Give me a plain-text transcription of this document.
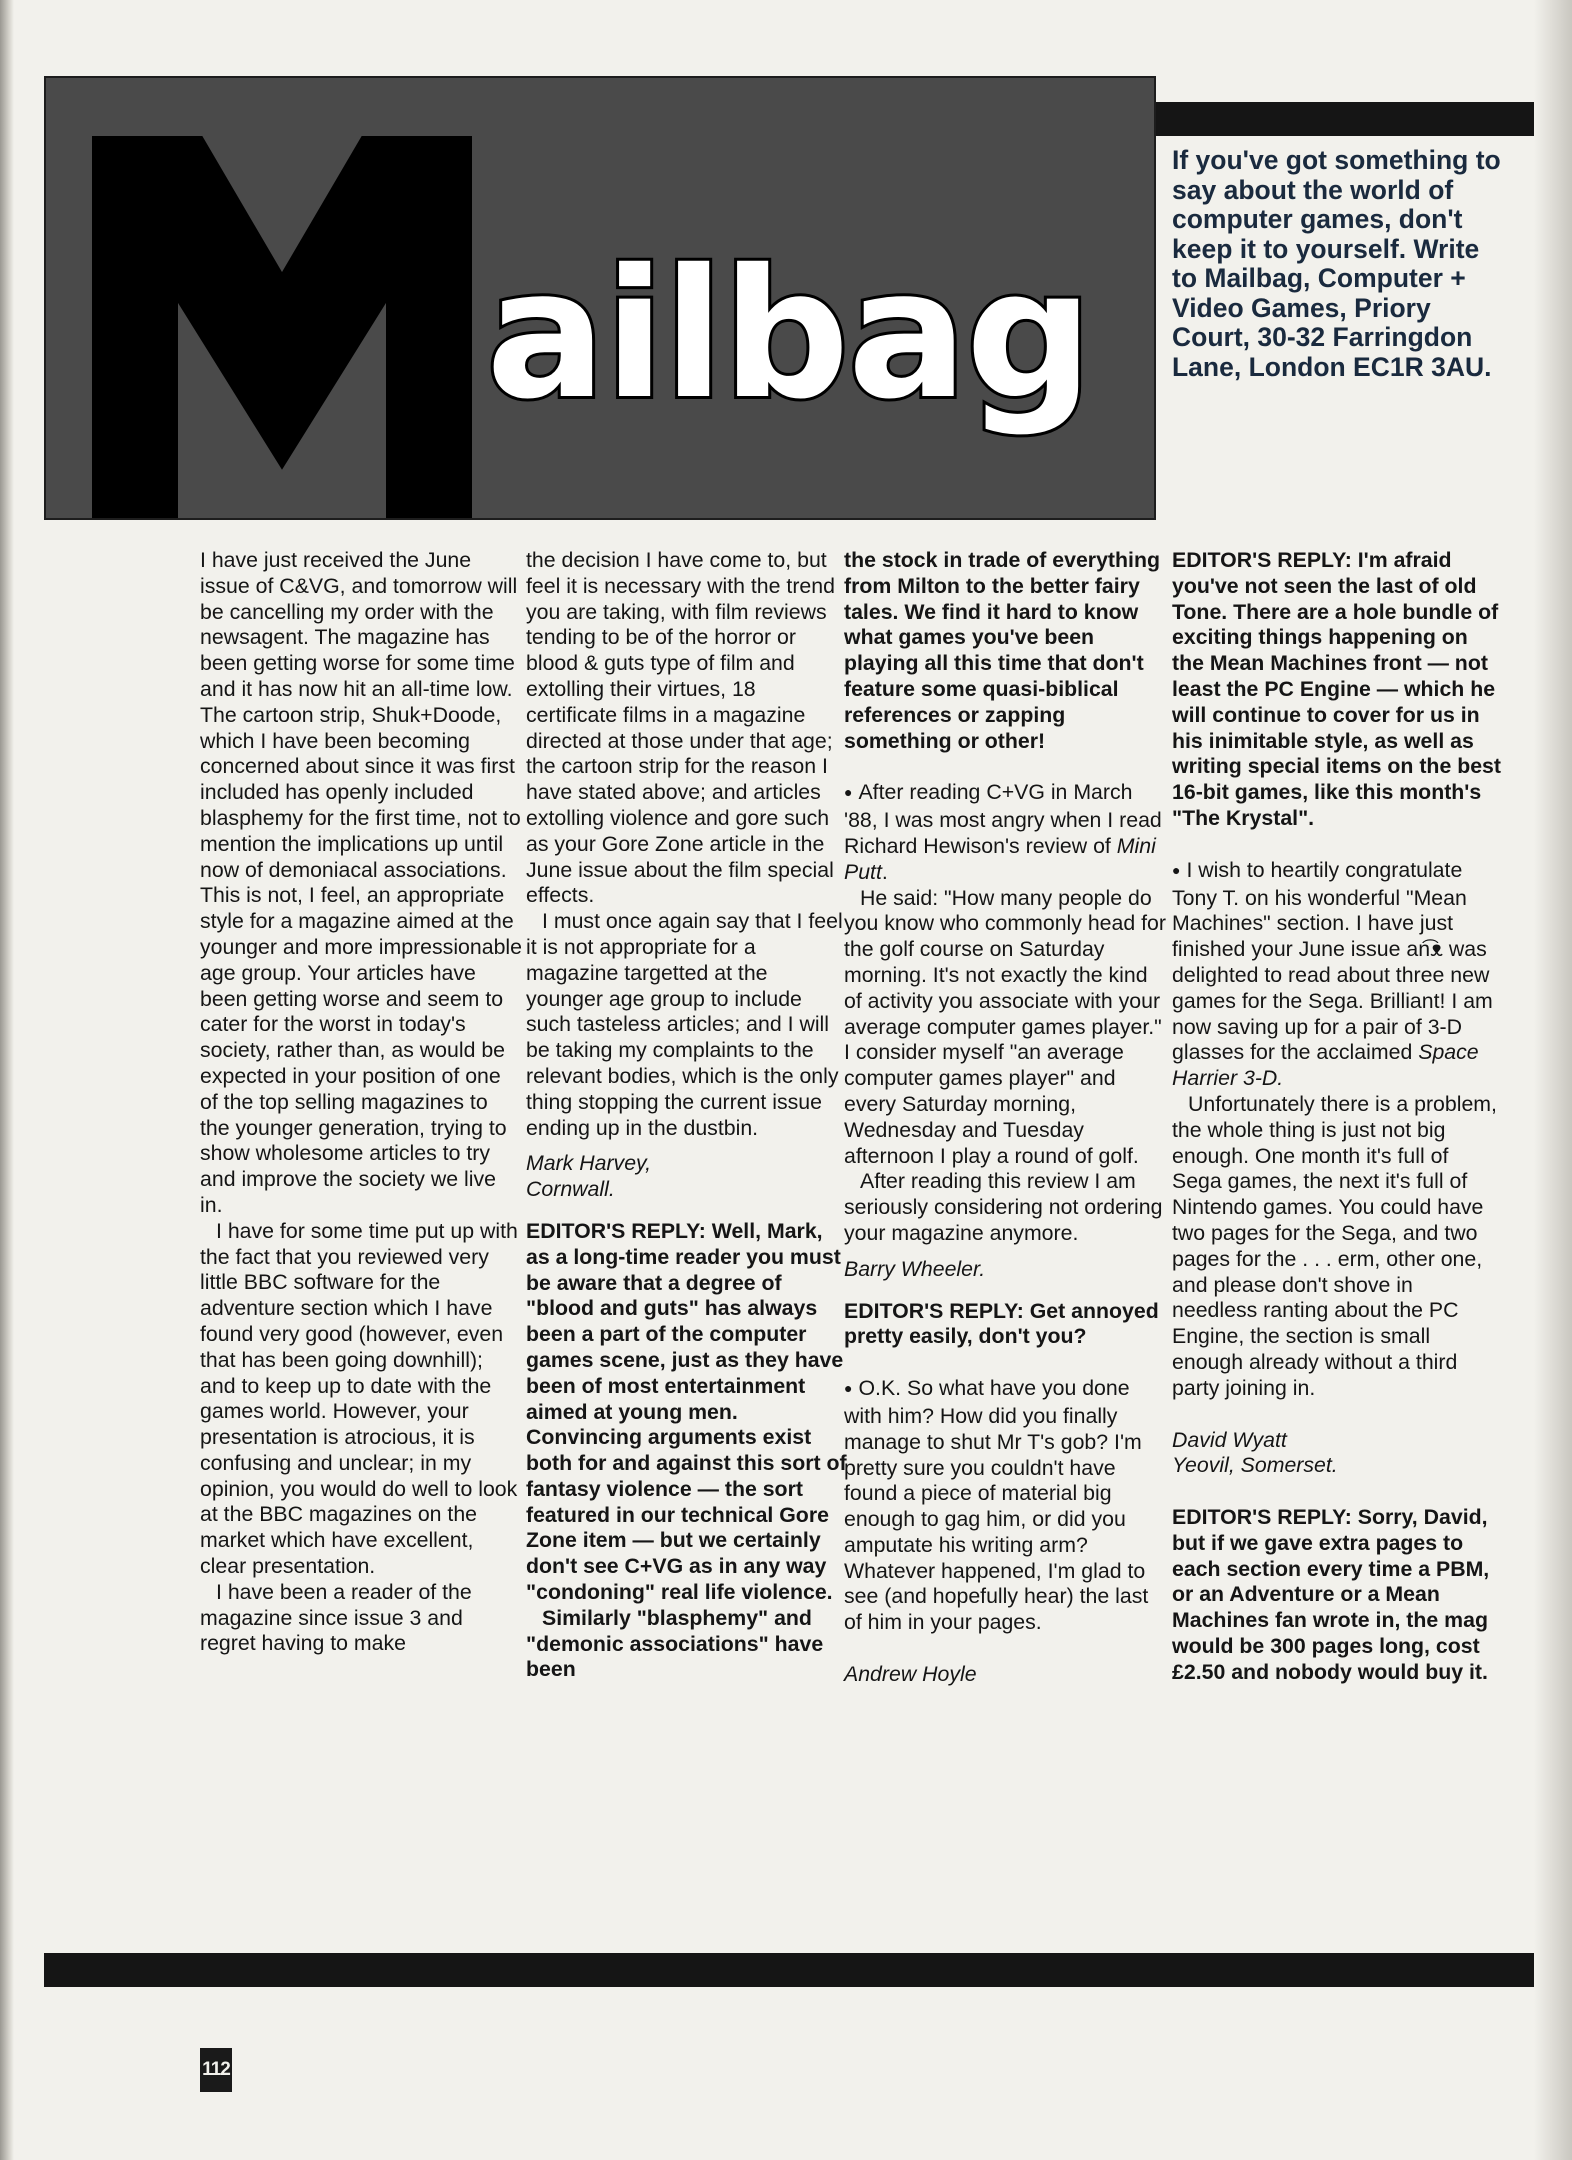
ailbag
If you've got something to say about the world of computer games, don't keep it to yourself. Write to Mailbag, Computer + Video Games, Priory Court, 30-32 Farringdon Lane, London EC1R 3AU.

I have just received the June issue of C&VG, and tomorrow will be cancelling my order with the newsagent. The magazine has been getting worse for some time and it has now hit an all-time low. The cartoon strip, Shuk+Doode, which I have been becoming concerned about since it was first included has openly included blasphemy for the first time, not to mention the implications up until now of demoniacal associations. This is not, I feel, an appropriate style for a magazine aimed at the younger and more impressionable age group. Your articles have been getting worse and seem to cater for the worst in today's society, rather than, as would be expected in your position of one of the top selling magazines to the younger generation, trying to show wholesome articles to try and improve the society we live in.

I have for some time put up with the fact that you reviewed very little BBC software for the adventure section which I have found very good (however, even that has been going downhill); and to keep up to date with the games world. However, your presentation is atrocious, it is confusing and unclear; in my opinion, you would do well to look at the BBC magazines on the market which have excellent, clear presentation.

I have been a reader of the magazine since issue 3 and regret having to make

the decision I have come to, but feel it is necessary with the trend you are taking, with film reviews tending to be of the horror or blood & guts type of film and extolling their virtues, 18 certificate films in a magazine directed at those under that age; the cartoon strip for the reason I have stated above; and articles extolling violence and gore such as your Gore Zone article in the June issue about the film special effects.

I must once again say that I feel it is not appropriate for a magazine targetted at the younger age group to include such tasteless articles; and I will be taking my complaints to the relevant bodies, which is the only thing stopping the current issue ending up in the dustbin.

Mark Harvey,

Cornwall.

EDITOR'S REPLY: Well, Mark, as a long-time reader you must be aware that a degree of "blood and guts" has always been a part of the computer games scene, just as they have been of most entertainment aimed at young men. Convincing arguments exist both for and against this sort of fantasy violence — the sort featured in our technical Gore Zone item — but we certainly don't see C+VG as in any way "condoning" real life violence.

Similarly "blasphemy" and "demonic associations" have been

the stock in trade of everything from Milton to the better fairy tales. We find it hard to know what games you've been playing all this time that don't feature some quasi-biblical references or zapping something or other!

● After reading C+VG in March '88, I was most angry when I read Richard Hewison's review of Mini Putt.

He said: "How many people do you know who commonly head for the golf course on Saturday morning. It's not exactly the kind of activity you associate with your average computer games player." I consider myself "an average computer games player" and every Saturday morning, Wednesday and Tuesday afternoon I play a round of golf.

After reading this review I am seriously considering not ordering your magazine anymore.

Barry Wheeler.

EDITOR'S REPLY: Get annoyed pretty easily, don't you?

● O.K. So what have you done with him? How did you finally manage to shut Mr T's gob? I'm pretty sure you couldn't have found a piece of material big enough to gag him, or did you amputate his writing arm? Whatever happened, I'm glad to see (and hopefully hear) the last of him in your pages.

Andrew Hoyle

EDITOR'S REPLY: I'm afraid you've not seen the last of old Tone. There are a hole bundle of exciting things happening on the Mean Machines front — not least the PC Engine — which he will continue to cover for us in his inimitable style, as well as writing special items on the best 16-bit games, like this month's "The Krystal".

● I wish to heartily congratulate Tony T. on his wonderful "Mean Machines" section. I have just finished your June issue an͡ᴥ was delighted to read about three new games for the Sega. Brilliant! I am now saving up for a pair of 3-D glasses for the acclaimed Space Harrier 3-D.

Unfortunately there is a problem, the whole thing is just not big enough. One month it's full of Sega games, the next it's full of Nintendo games. You could have two pages for the Sega, and two pages for the . . . erm, other one, and please don't shove in needless ranting about the PC Engine, the section is small enough already without a third party joining in.

David Wyatt

Yeovil, Somerset.

EDITOR'S REPLY: Sorry, David, but if we gave extra pages to each section every time a PBM, or an Adventure or a Mean Machines fan wrote in, the mag would be 300 pages long, cost £2.50 and nobody would buy it.

112
